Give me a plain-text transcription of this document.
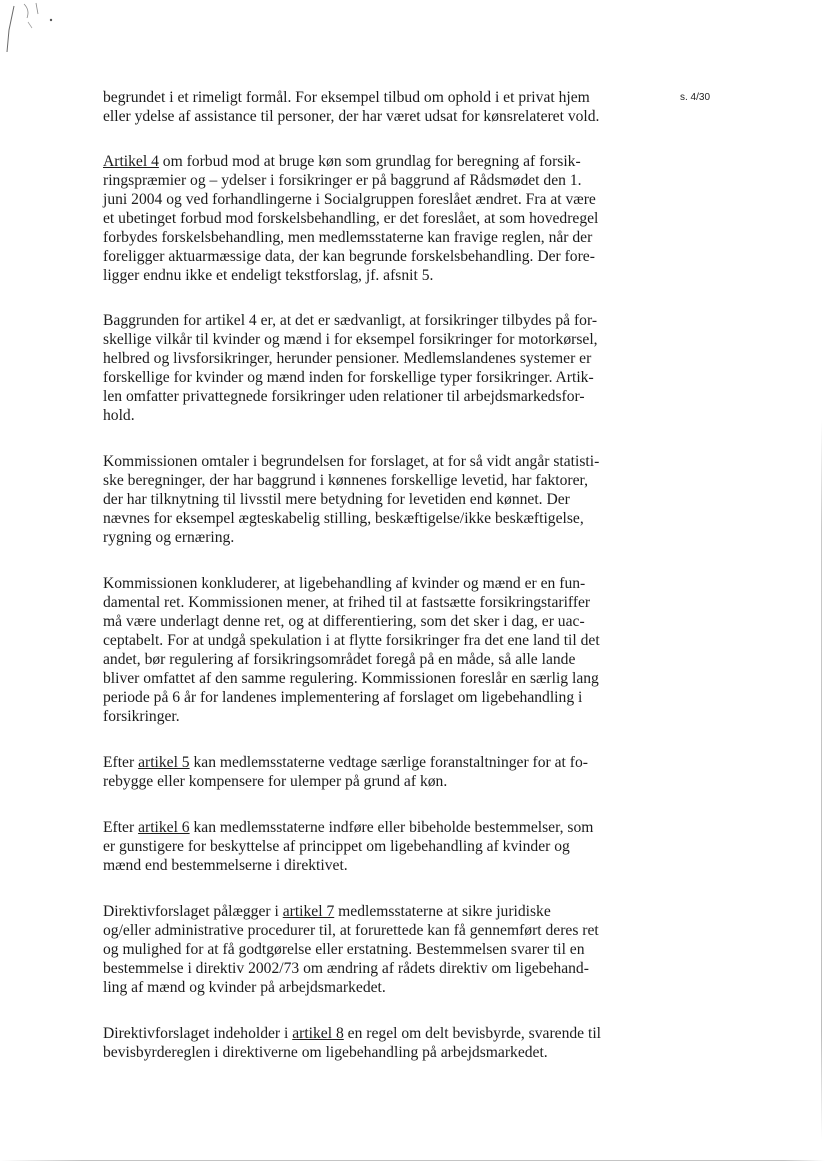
s. 4/30

begrundet i et rimeligt formål. For eksempel tilbud om ophold i et privat hjem
eller ydelse af assistance til personer, der har været udsat for kønsrelateret vold.

Artikel 4 om forbud mod at bruge køn som grundlag for beregning af forsik-
ringspræmier og – ydelser i forsikringer er på baggrund af Rådsmødet den 1.
juni 2004 og ved forhandlingerne i Socialgruppen foreslået ændret. Fra at være
et ubetinget forbud mod forskelsbehandling, er det foreslået, at som hovedregel
forbydes forskelsbehandling, men medlemsstaterne kan fravige reglen, når der
foreligger aktuarmæssige data, der kan begrunde forskelsbehandling. Der fore-
ligger endnu ikke et endeligt tekstforslag, jf. afsnit 5.

Baggrunden for artikel 4 er, at det er sædvanligt, at forsikringer tilbydes på for-
skellige vilkår til kvinder og mænd i for eksempel forsikringer for motorkørsel,
helbred og livsforsikringer, herunder pensioner. Medlemslandenes systemer er
forskellige for kvinder og mænd inden for forskellige typer forsikringer. Artik-
len omfatter privattegnede forsikringer uden relationer til arbejdsmarkedsfor-
hold.

Kommissionen omtaler i begrundelsen for forslaget, at for så vidt angår statisti-
ske beregninger, der har baggrund i kønnenes forskellige levetid, har faktorer,
der har tilknytning til livsstil mere betydning for levetiden end kønnet. Der
nævnes for eksempel ægteskabelig stilling, beskæftigelse/ikke beskæftigelse,
rygning og ernæring.

Kommissionen konkluderer, at ligebehandling af kvinder og mænd er en fun-
damental ret. Kommissionen mener, at frihed til at fastsætte forsikringstariffer
må være underlagt denne ret, og at differentiering, som det sker i dag, er uac-
ceptabelt. For at undgå spekulation i at flytte forsikringer fra det ene land til det
andet, bør regulering af forsikringsområdet foregå på en måde, så alle lande
bliver omfattet af den samme regulering. Kommissionen foreslår en særlig lang
periode på 6 år for landenes implementering af forslaget om ligebehandling i
forsikringer.

Efter artikel 5 kan medlemsstaterne vedtage særlige foranstaltninger for at fo-
rebygge eller kompensere for ulemper på grund af køn.

Efter artikel 6 kan medlemsstaterne indføre eller bibeholde bestemmelser, som
er gunstigere for beskyttelse af princippet om ligebehandling af kvinder og
mænd end bestemmelserne i direktivet.

Direktivforslaget pålægger i artikel 7 medlemsstaterne at sikre juridiske
og/eller administrative procedurer til, at forurettede kan få gennemført deres ret
og mulighed for at få godtgørelse eller erstatning. Bestemmelsen svarer til en
bestemmelse i direktiv 2002/73 om ændring af rådets direktiv om ligebehand-
ling af mænd og kvinder på arbejdsmarkedet.

Direktivforslaget indeholder i artikel 8 en regel om delt bevisbyrde, svarende til
bevisbyrdereglen i direktiverne om ligebehandling på arbejdsmarkedet.
